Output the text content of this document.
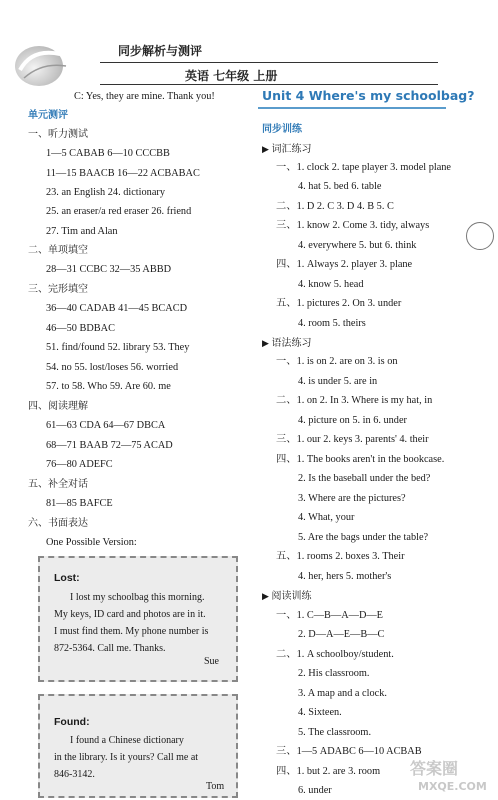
同步解析与测评
英语 七年级 上册
C: Yes, they are mine. Thank you!
单元测评
一、听力测试
1—5 CABAB 6—10 CCCBB
11—15 BAACB 16—22 ACBABAC
23. an English 24. dictionary
25. an eraser/a red eraser 26. friend
27. Tim and Alan
二、单项填空
28—31 CCBC 32—35 ABBD
三、完形填空
36—40 CADAB 41—45 BCACD
46—50 BDBAC
51. find/found 52. library 53. They
54. no 55. lost/loses 56. worried
57. to 58. Who 59. Are 60. me
四、阅读理解
61—63 CDA 64—67 DBCA
68—71 BAAB 72—75 ACAD
76—80 ADEFC
五、补全对话
81—85 BAFCE
六、书面表达
One Possible Version:
Lost:
I lost my schoolbag this morning.
My keys, ID card and photos are in it.
I must find them. My phone number is
872-5364. Call me. Thanks.
Sue
Found:
I found a Chinese dictionary
in the library. Is it yours? Call me at
846-3142.
Tom
Unit 4 Where's my schoolbag?
同步训练
▶ 词汇练习
一、1. clock 2. tape player 3. model plane
4. hat 5. bed 6. table
二、1. D 2. C 3. D 4. B 5. C
三、1. know 2. Come 3. tidy, always
4. everywhere 5. but 6. think
四、1. Always 2. player 3. plane
4. know 5. head
五、1. pictures 2. On 3. under
4. room 5. theirs
▶ 语法练习
一、1. is on 2. are on 3. is on
4. is under 5. are in
二、1. on 2. In 3. Where is my hat, in
4. picture on 5. in 6. under
三、1. our 2. keys 3. parents' 4. their
四、1. The books aren't in the bookcase.
2. Is the baseball under the bed?
3. Where are the pictures?
4. What, your
5. Are the bags under the table?
五、1. rooms 2. boxes 3. Their
4. her, hers 5. mother's
▶ 阅读训练
一、1. C—B—A—D—E
2. D—A—E—B—C
二、1. A schoolboy/student.
2. His classroom.
3. A map and a clock.
4. Sixteen.
5. The classroom.
三、1—5 ADABC 6—10 ACBAB
四、1. but 2. are 3. room
6. under
答案圈
MXQE.COM
